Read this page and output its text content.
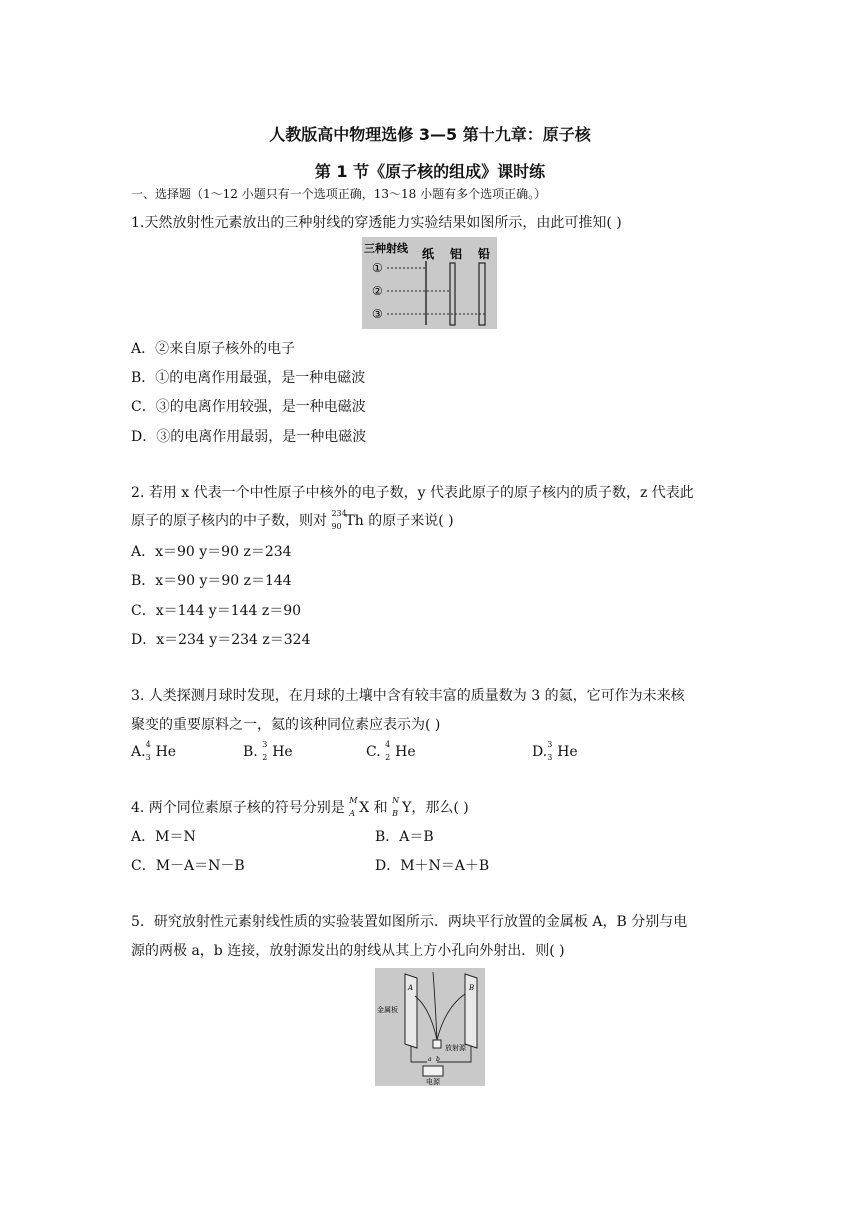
人教版高中物理选修 3—5 第十九章：原子核
第 1 节《原子核的组成》课时练
一、选择题（1～12 小题只有一个选项正确，13～18 小题有多个选项正确。）
1.天然放射性元素放出的三种射线的穿透能力实验结果如图所示，由此可推知( )
三种射线 纸 铝 铅
①
②
③
A．②来自原子核外的电子
B．①的电离作用最强，是一种电磁波
C．③的电离作用较强，是一种电磁波
D．③的电离作用最弱，是一种电磁波
2. 若用 x 代表一个中性原子中核外的电子数，y 代表此原子的原子核内的质子数，z 代表此
原子的原子核内的中子数，则对 234
90 Th 的原子来说( )
A．x＝90 y＝90 z＝234
B．x＝90 y＝90 z＝144
C．x＝144 y＝144 z＝90
D．x＝234 y＝234 z＝324
3. 人类探测月球时发现，在月球的土壤中含有较丰富的质量数为 3 的氦，它可作为未来核
聚变的重要原料之一，氦的该种同位素应表示为( )
A. 4
3 He	B. 3
2 He	C. 4
2 He	D. 3
3 He
4. 两个同位素原子核的符号分别是 M
A X 和 N
B Y，那么( )
A．M＝N	B．A＝B
C．M－A＝N－B	D．M＋N＝A＋B
5．研究放射性元素射线性质的实验装置如图所示．两块平行放置的金属板 A，B 分别与电
源的两极 a，b 连接，放射源发出的射线从其上方小孔向外射出．则( )
A	B
金属板
放射源
a b
电源
